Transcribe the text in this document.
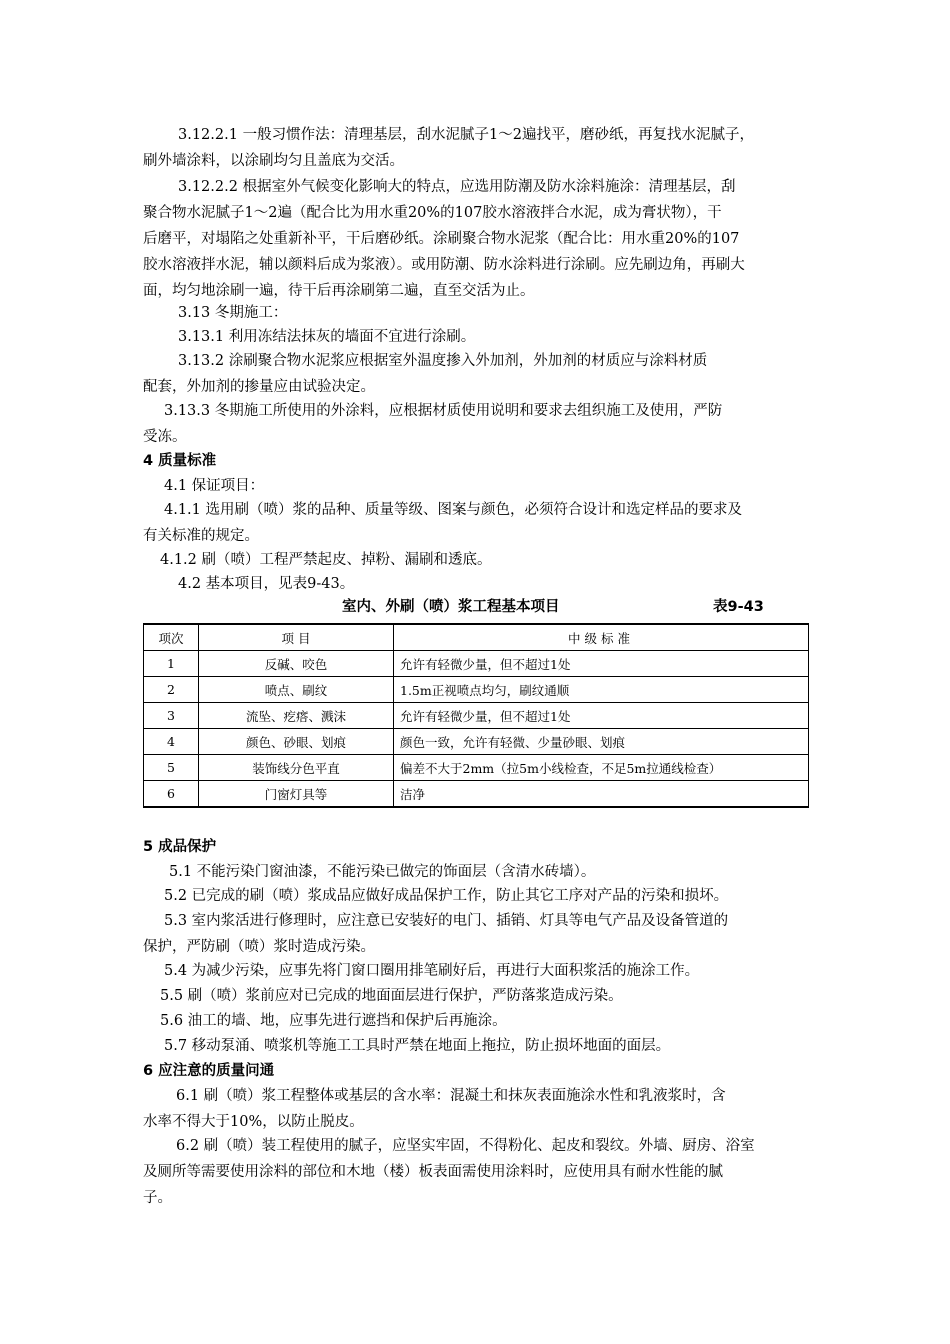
3.12.2.1 一般习惯作法：清理基层，刮水泥腻子1～2遍找平，磨砂纸，再复找水泥腻子，
刷外墙涂料，以涂刷均匀且盖底为交活。
3.12.2.2 根据室外气候变化影响大的特点，应选用防潮及防水涂料施涂：清理基层，刮
聚合物水泥腻子1～2遍（配合比为用水重20%的107胶水溶液拌合水泥，成为膏状物），干
后磨平，对塌陷之处重新补平，干后磨砂纸。涂刷聚合物水泥浆（配合比：用水重20%的107
胶水溶液拌水泥，辅以颜料后成为浆液）。或用防潮、防水涂料进行涂刷。应先刷边角，再刷大
面，均匀地涂刷一遍，待干后再涂刷第二遍，直至交活为止。
3.13 冬期施工：
3.13.1 利用冻结法抹灰的墙面不宜进行涂刷。
3.13.2 涂刷聚合物水泥浆应根据室外温度掺入外加剂，外加剂的材质应与涂料材质
配套，外加剂的掺量应由试验决定。
3.13.3 冬期施工所使用的外涂料，应根据材质使用说明和要求去组织施工及使用，严防
受冻。
4 质量标准
4.1 保证项目：
4.1.1 选用刷（喷）浆的品种、质量等级、图案与颜色，必须符合设计和选定样品的要求及
有关标准的规定。
4.1.2 刷（喷）工程严禁起皮、掉粉、漏刷和透底。
4.2 基本项目，见表9-43。
室内、外刷（喷）浆工程基本项目	表9-43
项次	项 目	中级标准
1	反碱、咬色	允许有轻微少量，但不超过1处
2	喷点、刷纹	1.5m正视喷点均匀，刷纹通顺
3	流坠、疙瘩、溅沫	允许有轻微少量，但不超过1处
4	颜色、砂眼、划痕	颜色一致，允许有轻微、少量砂眼、划痕
5	装饰线分色平直	偏差不大于2mm（拉5m小线检查，不足5m拉通线检查）
6	门窗灯具等	洁净
5 成品保护
5.1 不能污染门窗油漆，不能污染已做完的饰面层（含清水砖墙）。
5.2 已完成的刷（喷）浆成品应做好成品保护工作，防止其它工序对产品的污染和损坏。
5.3 室内浆活进行修理时，应注意已安装好的电门、插销、灯具等电气产品及设备管道的
保护，严防刷（喷）浆时造成污染。
5.4 为减少污染，应事先将门窗口圈用排笔刷好后，再进行大面积浆活的施涂工作。
5.5 刷（喷）浆前应对已完成的地面面层进行保护，严防落浆造成污染。
5.6 油工的墙、地，应事先进行遮挡和保护后再施涂。
5.7 移动泵涌、喷浆机等施工工具时严禁在地面上拖拉，防止损坏地面的面层。
6 应注意的质量问通
6.1 刷（喷）浆工程整体或基层的含水率：混凝土和抹灰表面施涂水性和乳液浆时，含
水率不得大于10%，以防止脱皮。
6.2 刷（喷）装工程使用的腻子，应坚实牢固，不得粉化、起皮和裂纹。外墙、厨房、浴室
及厕所等需要使用涂料的部位和木地（楼）板表面需使用涂料时，应使用具有耐水性能的腻
子。
